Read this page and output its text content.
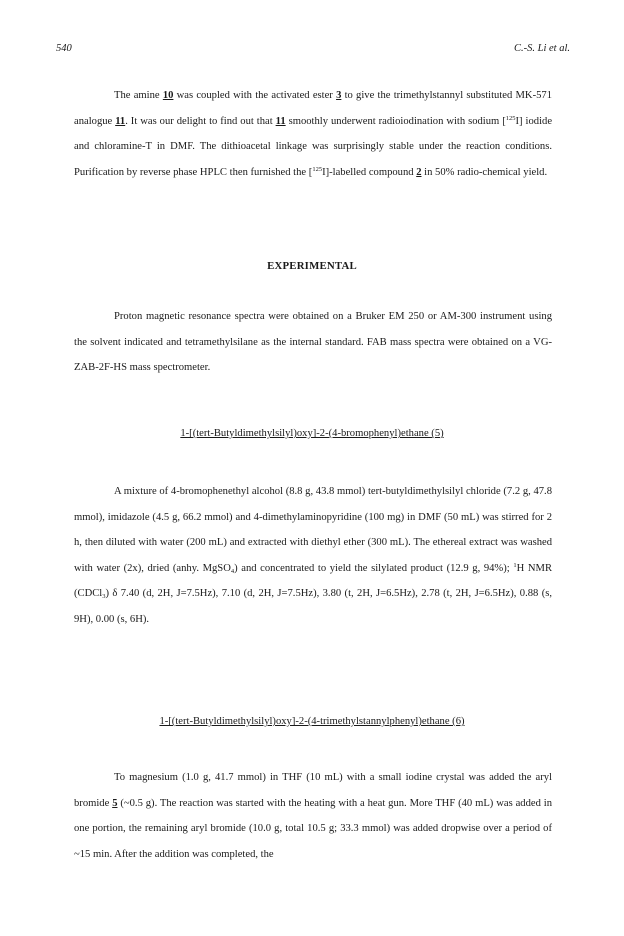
540	C.-S. Li et al.

The amine 10 was coupled with the activated ester 3 to give the trimethylstannyl substituted MK-571 analogue 11. It was our delight to find out that 11 smoothly underwent radioiodination with sodium [$^{125}$I] iodide and chloramine-T in DMF. The dithioacetal linkage was surprisingly stable under the reaction conditions. Purification by reverse phase HPLC then furnished the [$^{125}$I]-labelled compound 2 in 50% radio-chemical yield.

EXPERIMENTAL

Proton magnetic resonance spectra were obtained on a Bruker EM 250 or AM-300 instrument using the solvent indicated and tetramethylsilane as the internal standard. FAB mass spectra were obtained on a VG-ZAB-2F-HS mass spectrometer.

1-[(tert-Butyldimethylsilyl)oxy]-2-(4-bromophenyl)ethane (5)

A mixture of 4-bromophenethyl alcohol (8.8 g, 43.8 mmol) tert-butyldimethylsilyl chloride (7.2 g, 47.8 mmol), imidazole (4.5 g, 66.2 mmol) and 4-dimethylaminopyridine (100 mg) in DMF (50 mL) was stirred for 2 h, then diluted with water (200 mL) and extracted with diethyl ether (300 mL). The ethereal extract was washed with water (2x), dried (anhy. MgSO$_4$) and concentrated to yield the silylated product (12.9 g, 94%); $^1$H NMR (CDCl$_3$) δ 7.40 (d, 2H, J=7.5Hz), 7.10 (d, 2H, J=7.5Hz), 3.80 (t, 2H, J=6.5Hz), 2.78 (t, 2H, J=6.5Hz), 0.88 (s, 9H), 0.00 (s, 6H).

1-[(tert-Butyldimethylsilyl)oxy]-2-(4-trimethylstannylphenyl)ethane (6)

To magnesium (1.0 g, 41.7 mmol) in THF (10 mL) with a small iodine crystal was added the aryl bromide 5 (~0.5 g). The reaction was started with the heating with a heat gun. More THF (40 mL) was added in one portion, the remaining aryl bromide (10.0 g, total 10.5 g; 33.3 mmol) was added dropwise over a period of ~15 min. After the addition was completed, the
